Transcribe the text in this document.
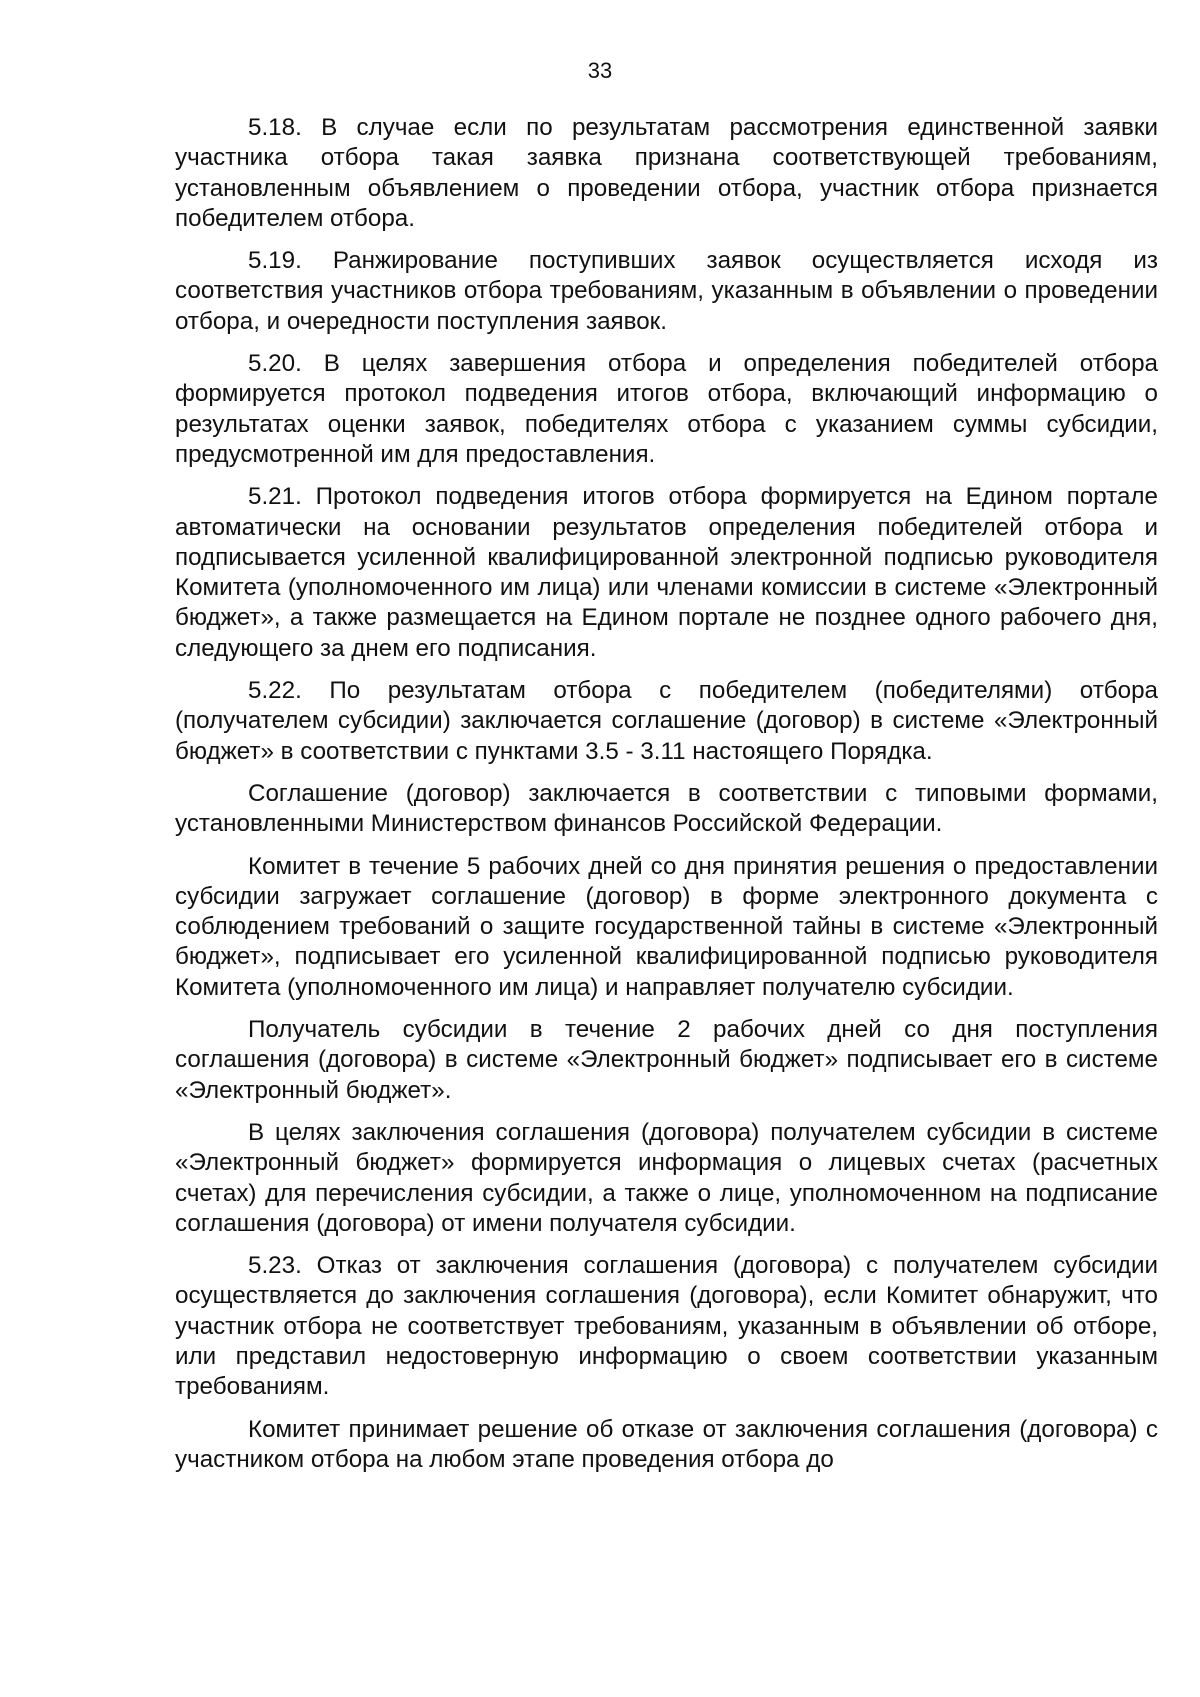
33

5.18. В случае если по результатам рассмотрения единственной заявки участника отбора такая заявка признана соответствующей требованиям, установленным объявлением о проведении отбора, участник отбора признается победителем отбора.

5.19. Ранжирование поступивших заявок осуществляется исходя из соответствия участников отбора требованиям, указанным в объявлении о проведении отбора, и очередности поступления заявок.

5.20. В целях завершения отбора и определения победителей отбора формируется протокол подведения итогов отбора, включающий информацию о результатах оценки заявок, победителях отбора с указанием суммы субсидии, предусмотренной им для предоставления.

5.21. Протокол подведения итогов отбора формируется на Едином портале автоматически на основании результатов определения победителей отбора и подписывается усиленной квалифицированной электронной подписью руководителя Комитета (уполномоченного им лица) или членами комиссии в системе «Электронный бюджет», а также размещается на Едином портале не позднее одного рабочего дня, следующего за днем его подписания.

5.22. По результатам отбора с победителем (победителями) отбора (получателем субсидии) заключается соглашение (договор) в системе «Электронный бюджет» в соответствии с пунктами 3.5 - 3.11 настоящего Порядка.

Соглашение (договор) заключается в соответствии с типовыми формами, установленными Министерством финансов Российской Федерации.

Комитет в течение 5 рабочих дней со дня принятия решения о предоставлении субсидии загружает соглашение (договор) в форме электронного документа с соблюдением требований о защите государственной тайны в системе «Электронный бюджет», подписывает его усиленной квалифицированной подписью руководителя Комитета (уполномоченного им лица) и направляет получателю субсидии.

Получатель субсидии в течение 2 рабочих дней со дня поступления соглашения (договора) в системе «Электронный бюджет» подписывает его в системе «Электронный бюджет».

В целях заключения соглашения (договора) получателем субсидии в системе «Электронный бюджет» формируется информация о лицевых счетах (расчетных счетах) для перечисления субсидии, а также о лице, уполномоченном на подписание соглашения (договора) от имени получателя субсидии.

5.23. Отказ от заключения соглашения (договора) с получателем субсидии осуществляется до заключения соглашения (договора), если Комитет обнаружит, что участник отбора не соответствует требованиям, указанным в объявлении об отборе, или представил недостоверную информацию о своем соответствии указанным требованиям.

Комитет принимает решение об отказе от заключения соглашения (договора) с участником отбора на любом этапе проведения отбора до
